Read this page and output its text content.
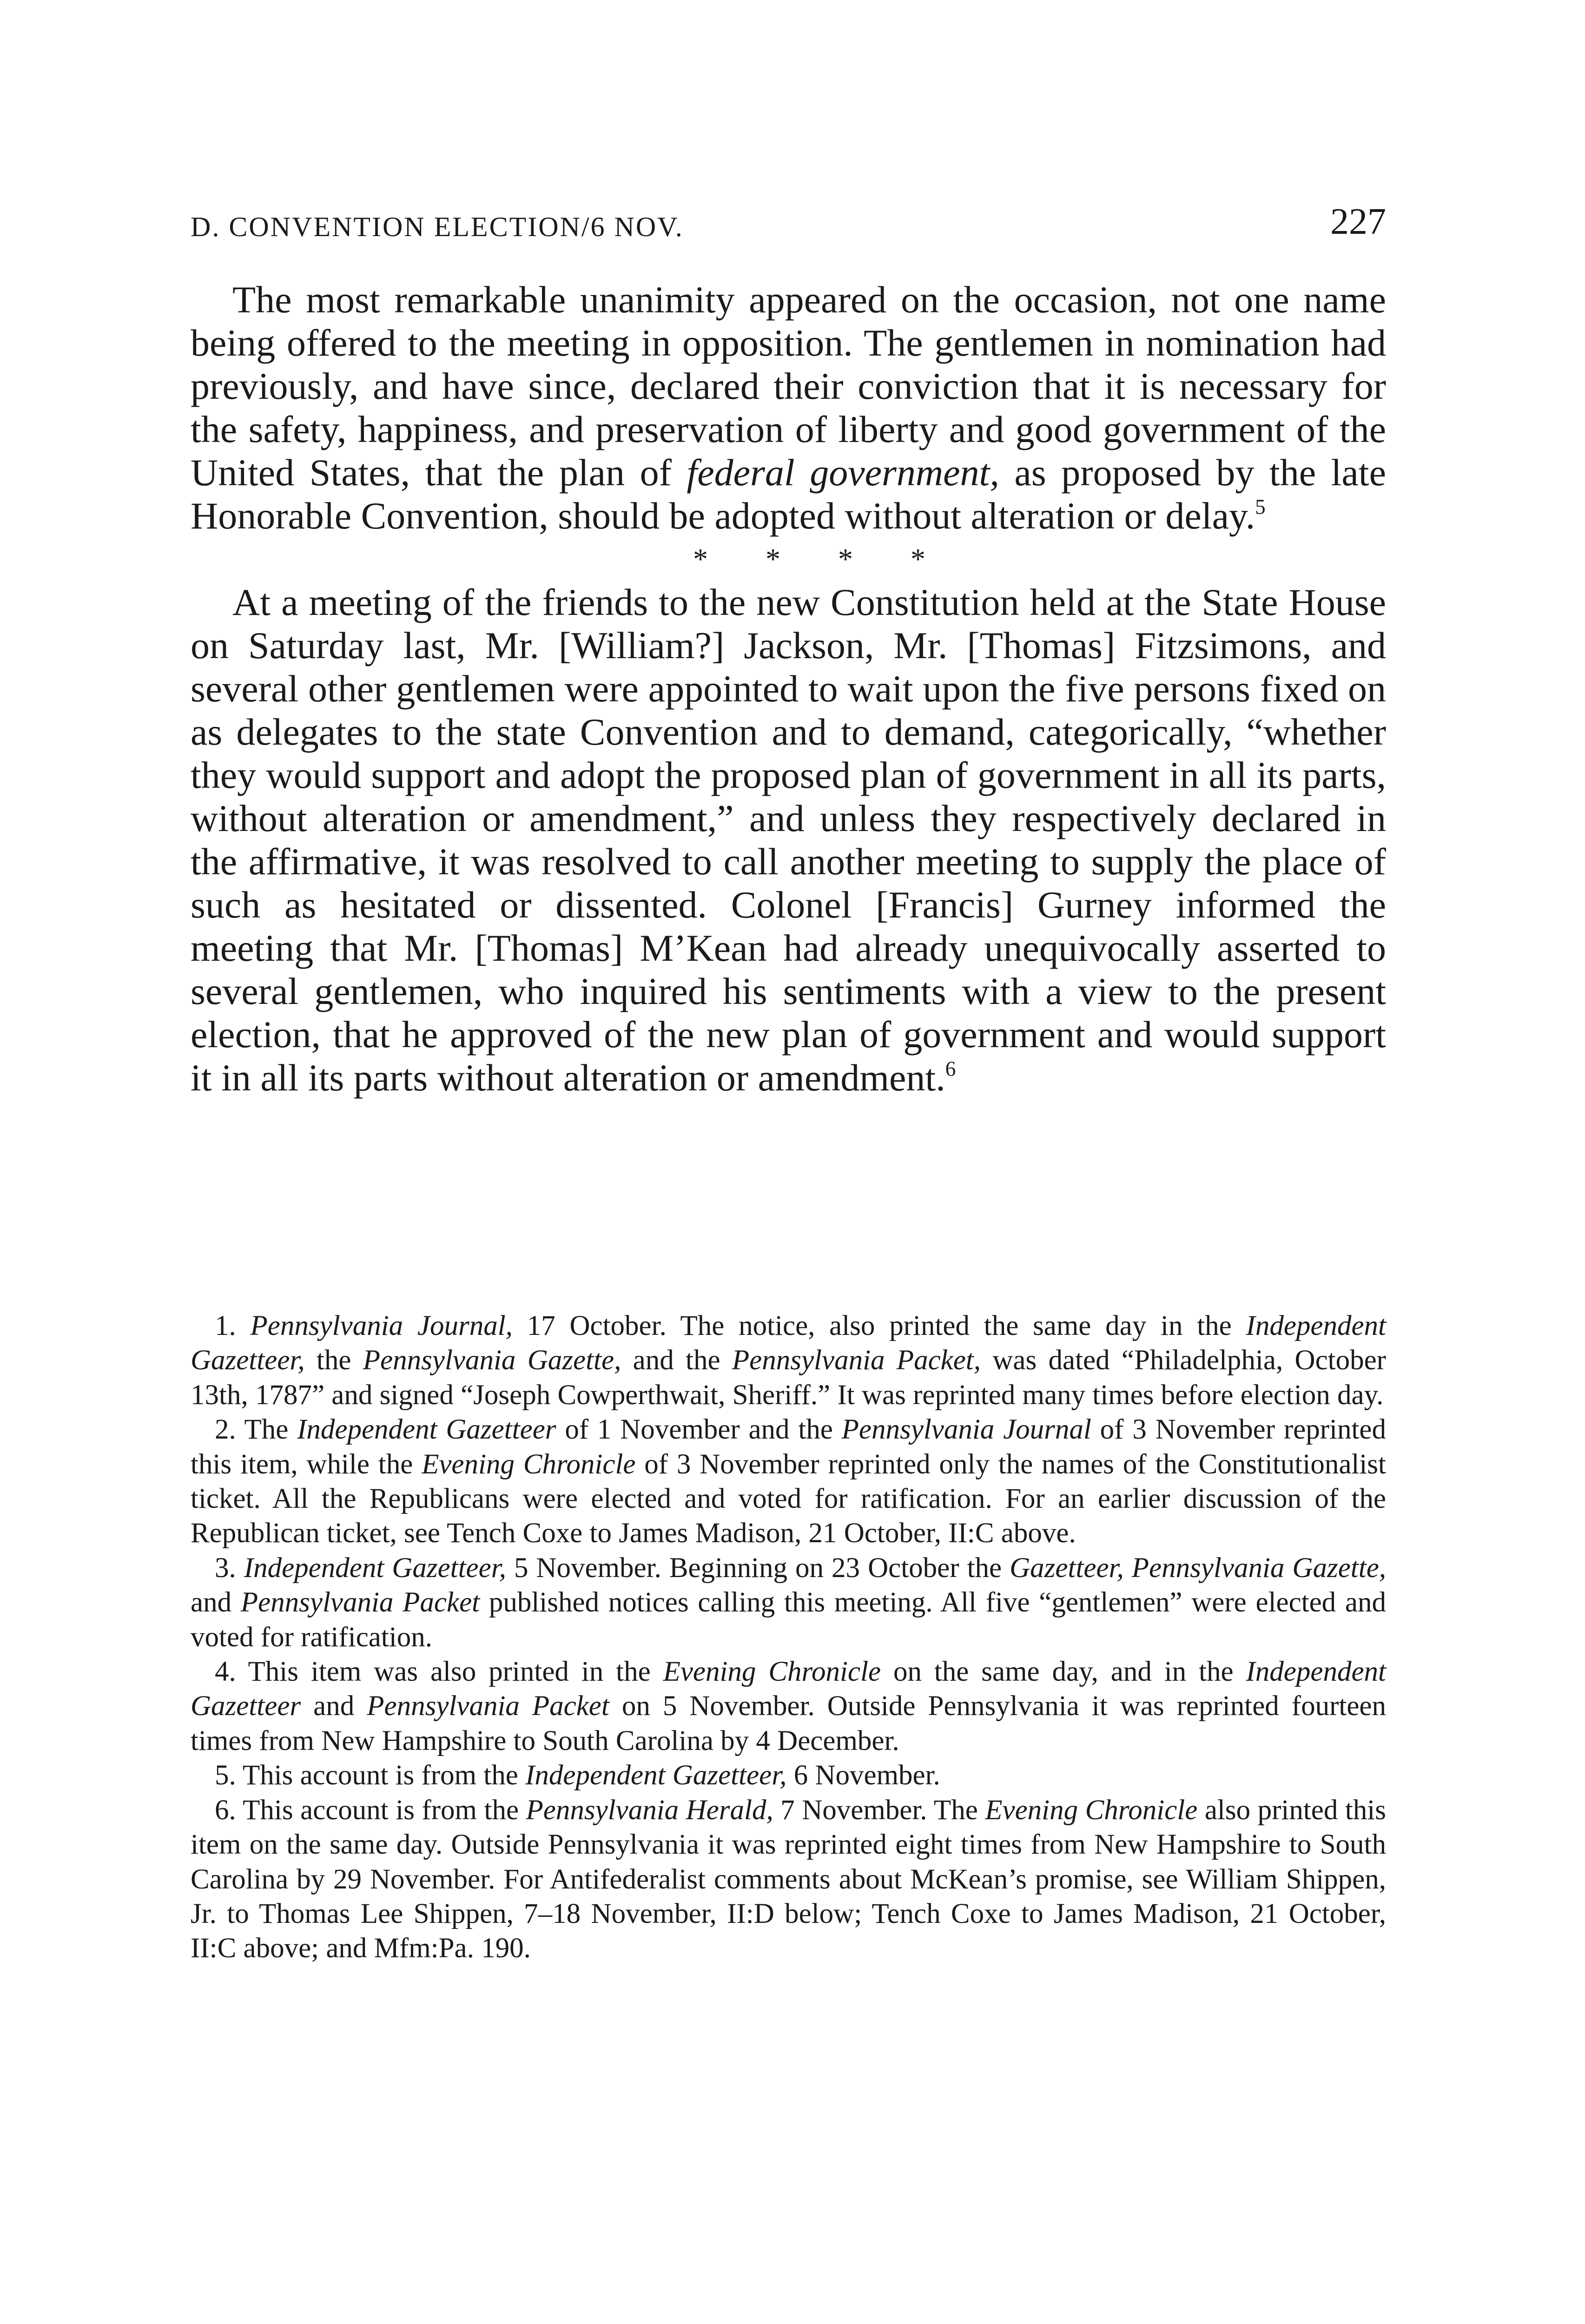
D. CONVENTION ELECTION/6 NOV.	227

The most remarkable unanimity appeared on the occasion, not one name being offered to the meeting in opposition. The gentlemen in nomination had previously, and have since, declared their conviction that it is necessary for the safety, happiness, and preservation of liberty and good government of the United States, that the plan of federal government, as proposed by the late Honorable Convention, should be adopted without alteration or delay.$^5$

* * * *

At a meeting of the friends to the new Constitution held at the State House on Saturday last, Mr. [William?] Jackson, Mr. [Thomas] Fitzsimons, and several other gentlemen were appointed to wait upon the five persons fixed on as delegates to the state Convention and to demand, categorically, “whether they would support and adopt the proposed plan of government in all its parts, without alteration or amendment,” and unless they respectively declared in the affirmative, it was resolved to call another meeting to supply the place of such as hesitated or dissented. Colonel [Francis] Gurney informed the meeting that Mr. [Thomas] M’Kean had already unequivocally asserted to several gentlemen, who inquired his sentiments with a view to the present election, that he approved of the new plan of government and would support it in all its parts without alteration or amendment.$^6$

1. Pennsylvania Journal, 17 October. The notice, also printed the same day in the Independent Gazetteer, the Pennsylvania Gazette, and the Pennsylvania Packet, was dated “Philadelphia, October 13th, 1787” and signed “Joseph Cowperthwait, Sheriff.” It was reprinted many times before election day.

2. The Independent Gazetteer of 1 November and the Pennsylvania Journal of 3 November reprinted this item, while the Evening Chronicle of 3 November reprinted only the names of the Constitutionalist ticket. All the Republicans were elected and voted for ratification. For an earlier discussion of the Republican ticket, see Tench Coxe to James Madison, 21 October, II:C above.

3. Independent Gazetteer, 5 November. Beginning on 23 October the Gazetteer, Pennsylvania Gazette, and Pennsylvania Packet published notices calling this meeting. All five “gentlemen” were elected and voted for ratification.

4. This item was also printed in the Evening Chronicle on the same day, and in the Independent Gazetteer and Pennsylvania Packet on 5 November. Outside Pennsylvania it was reprinted fourteen times from New Hampshire to South Carolina by 4 December.

5. This account is from the Independent Gazetteer, 6 November.

6. This account is from the Pennsylvania Herald, 7 November. The Evening Chronicle also printed this item on the same day. Outside Pennsylvania it was reprinted eight times from New Hampshire to South Carolina by 29 November. For Antifederalist comments about McKean’s promise, see William Shippen, Jr. to Thomas Lee Shippen, 7–18 November, II:D below; Tench Coxe to James Madison, 21 October, II:C above; and Mfm:Pa. 190.
